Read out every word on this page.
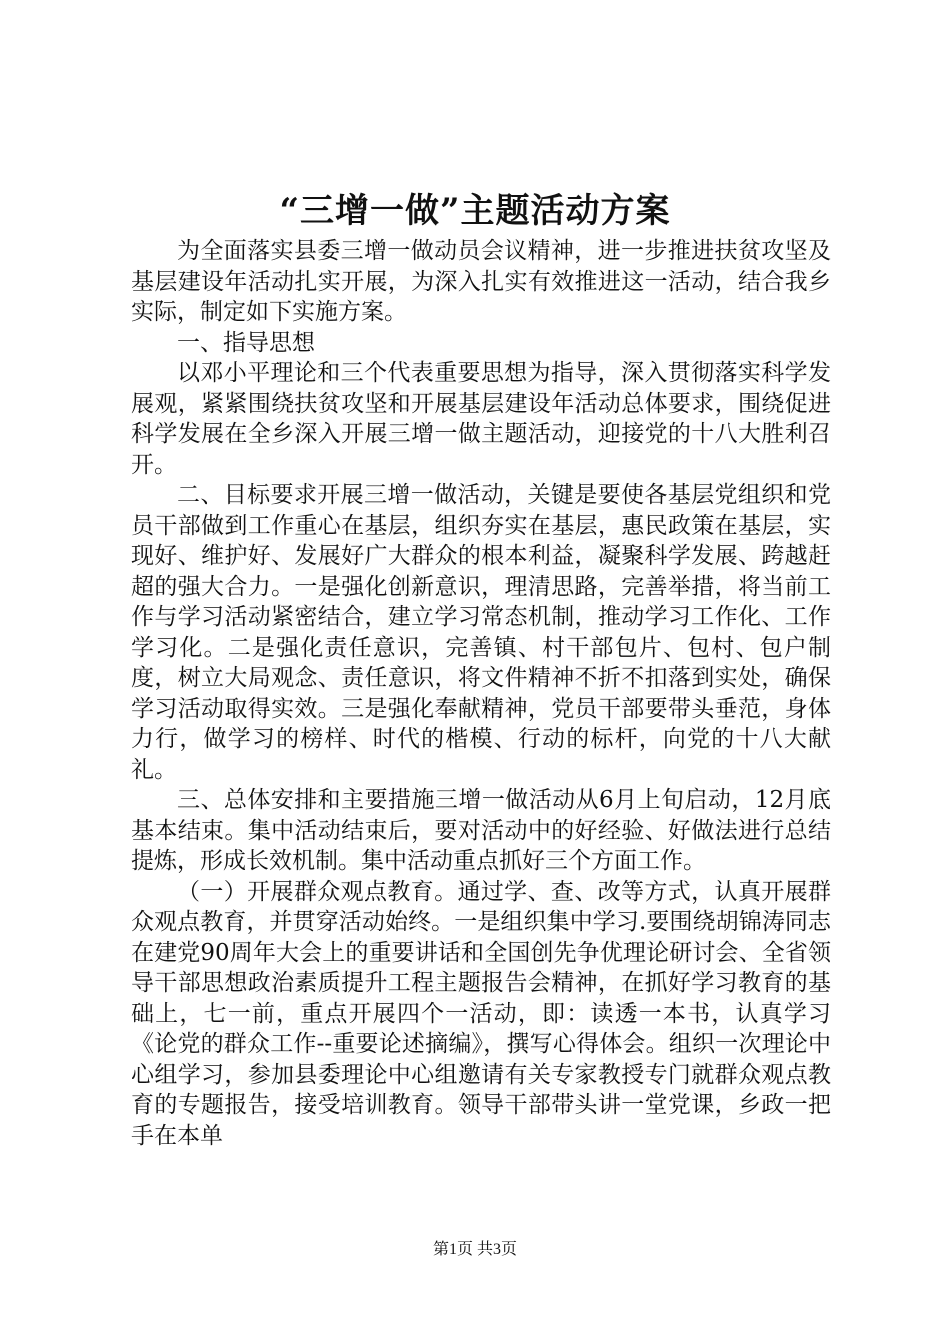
“三增一做”主题活动方案

为全面落实县委三增一做动员会议精神，进一步推进扶贫攻坚及基层建设年活动扎实开展，为深入扎实有效推进这一活动，结合我乡实际，制定如下实施方案。

一、指导思想

以邓小平理论和三个代表重要思想为指导，深入贯彻落实科学发展观，紧紧围绕扶贫攻坚和开展基层建设年活动总体要求，围绕促进科学发展在全乡深入开展三增一做主题活动，迎接党的十八大胜利召开。

二、目标要求开展三增一做活动，关键是要使各基层党组织和党员干部做到工作重心在基层，组织夯实在基层，惠民政策在基层，实现好、维护好、发展好广大群众的根本利益，凝聚科学发展、跨越赶超的强大合力。一是强化创新意识，理清思路，完善举措，将当前工作与学习活动紧密结合，建立学习常态机制，推动学习工作化、工作学习化。二是强化责任意识，完善镇、村干部包片、包村、包户制度，树立大局观念、责任意识，将文件精神不折不扣落到实处，确保学习活动取得实效。三是强化奉献精神，党员干部要带头垂范，身体力行，做学习的榜样、时代的楷模、行动的标杆，向党的十八大献礼。

三、总体安排和主要措施三增一做活动从6月上旬启动，12月底基本结束。集中活动结束后，要对活动中的好经验、好做法进行总结提炼，形成长效机制。集中活动重点抓好三个方面工作。

（一）开展群众观点教育。通过学、查、改等方式，认真开展群众观点教育，并贯穿活动始终。一是组织集中学习.要围绕胡锦涛同志在建党90周年大会上的重要讲话和全国创先争优理论研讨会、全省领导干部思想政治素质提升工程主题报告会精神，在抓好学习教育的基础上，七一前，重点开展四个一活动，即：读透一本书，认真学习《论党的群众工作--重要论述摘编》，撰写心得体会。组织一次理论中心组学习，参加县委理论中心组邀请有关专家教授专门就群众观点教育的专题报告，接受培训教育。领导干部带头讲一堂党课，乡政一把手在本单

第1页 共3页
